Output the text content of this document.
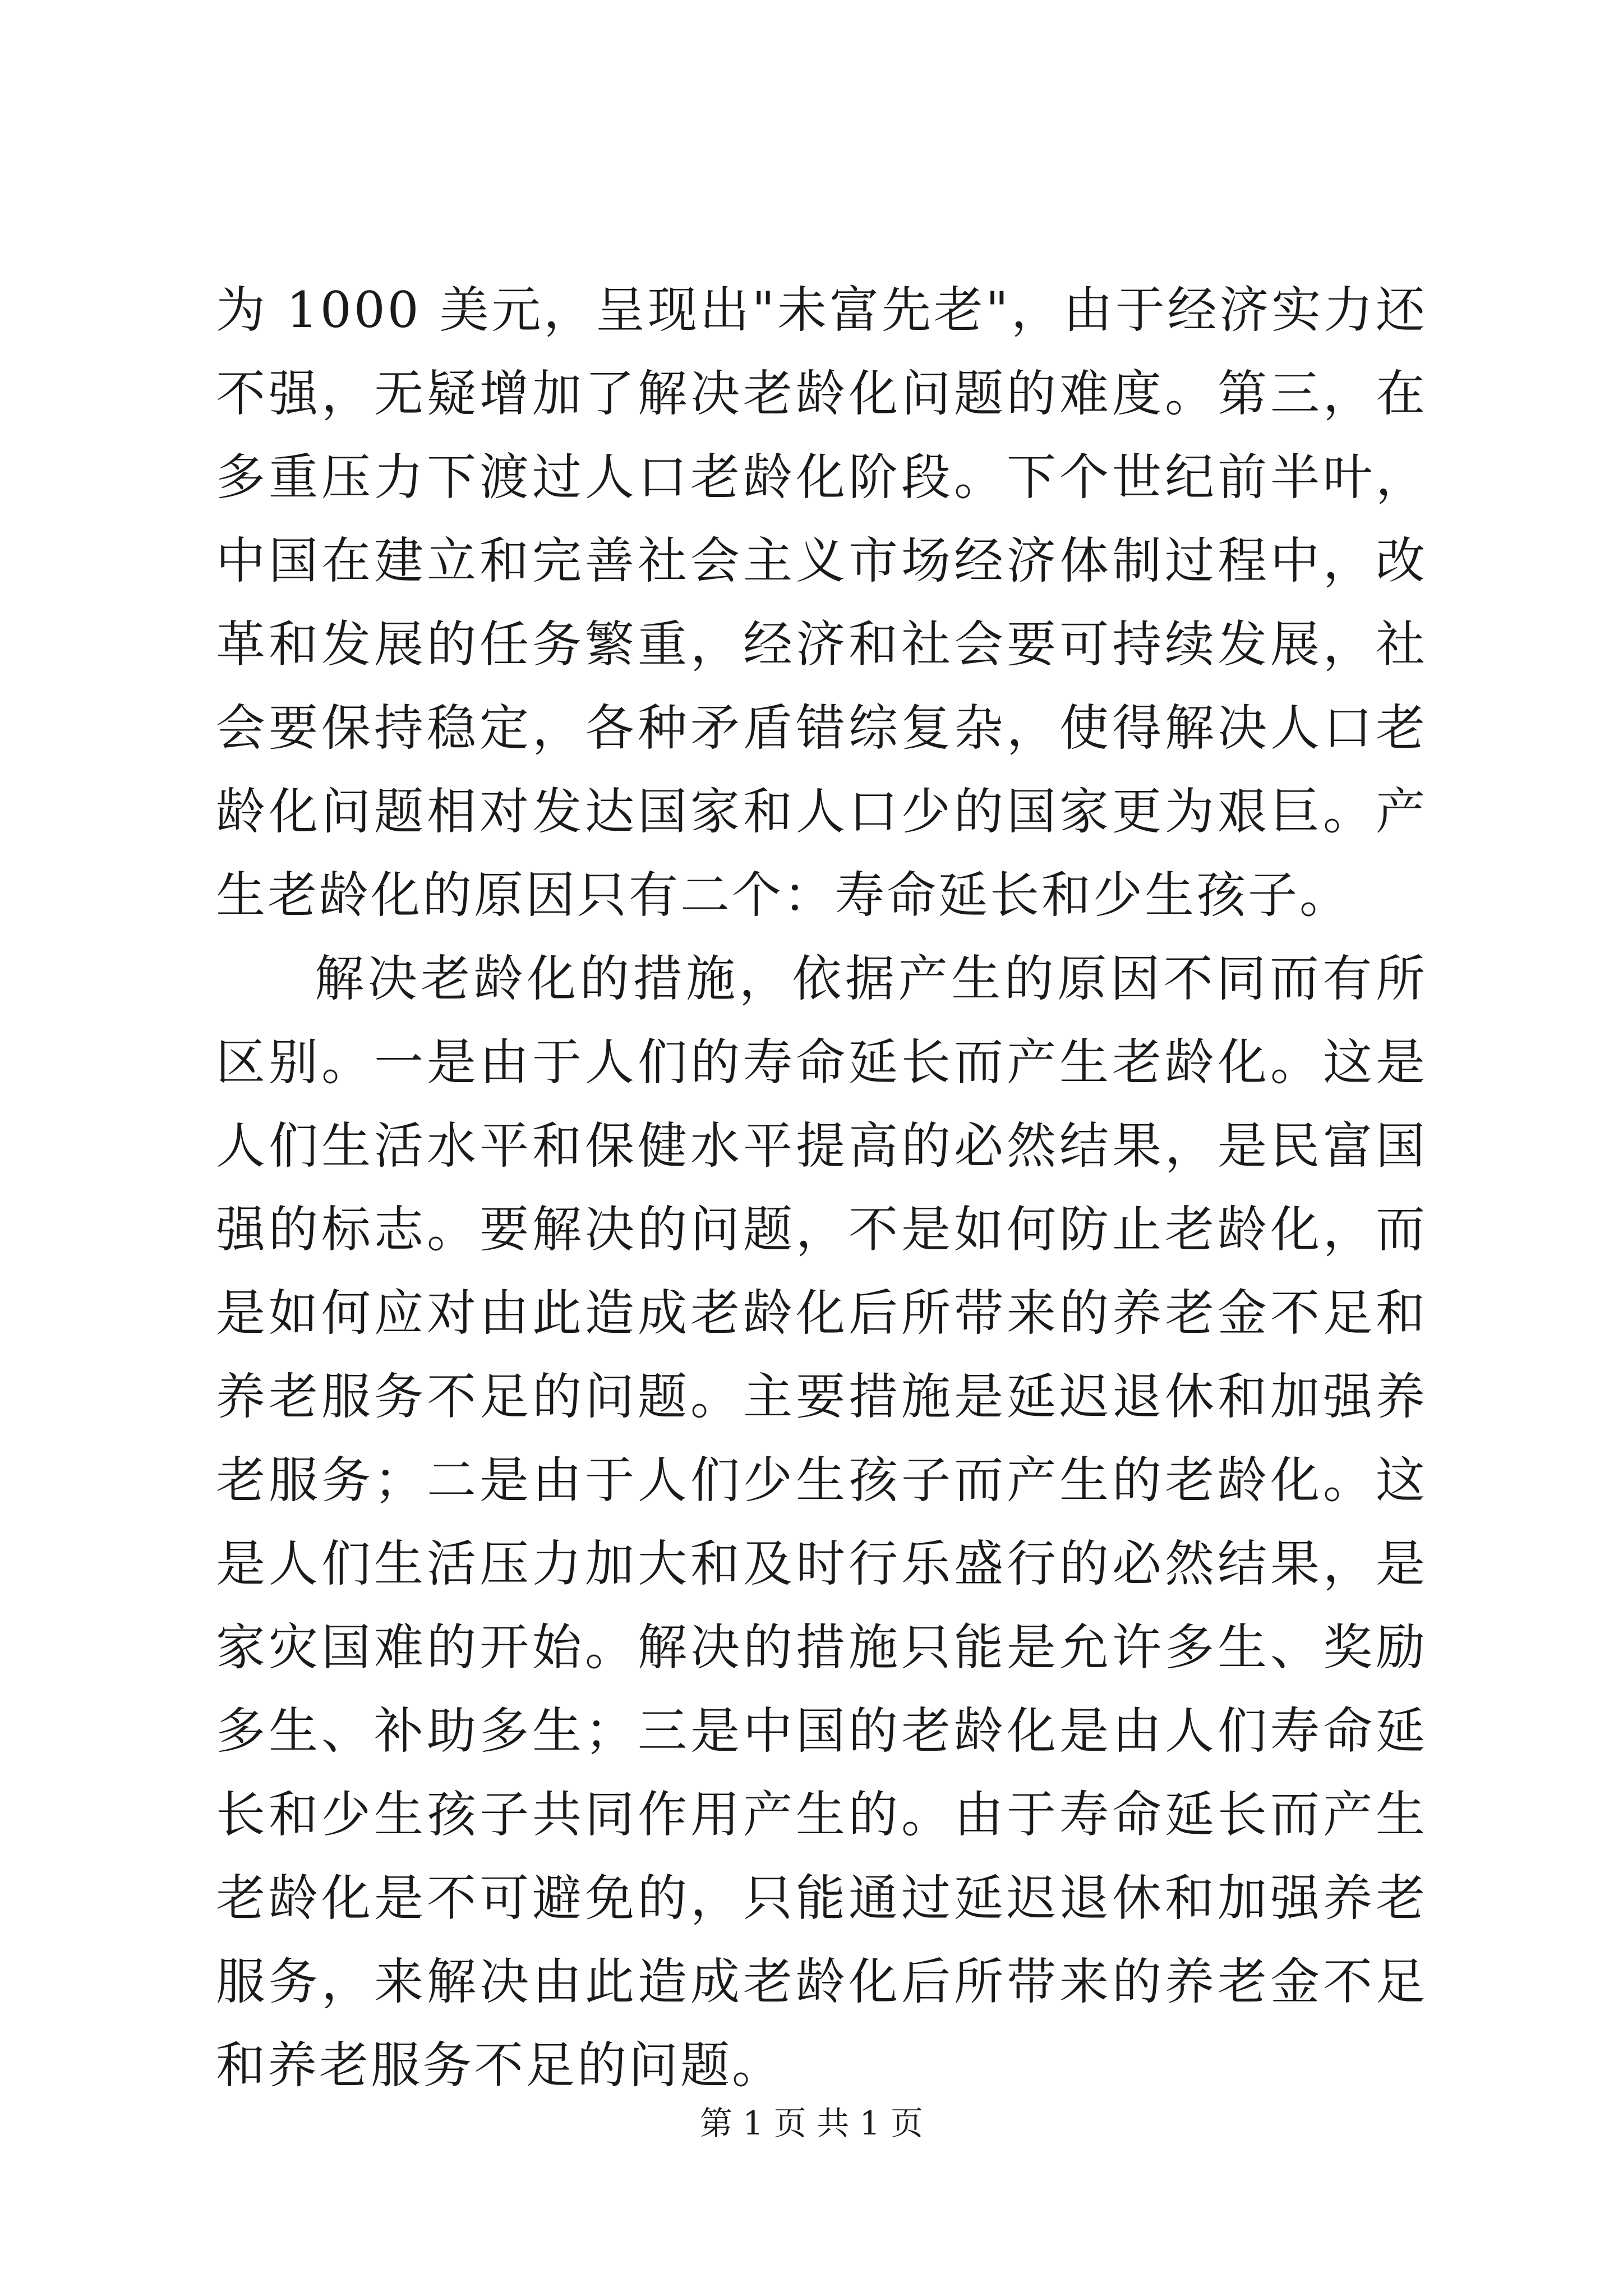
为 1000 美元，呈现出"未富先老"，由于经济实力还不强，无疑增加了解决老龄化问题的难度。第三，在多重压力下渡过人口老龄化阶段。下个世纪前半叶，中国在建立和完善社会主义市场经济体制过程中，改革和发展的任务繁重，经济和社会要可持续发展，社会要保持稳定，各种矛盾错综复杂，使得解决人口老龄化问题相对发达国家和人口少的国家更为艰巨。产生老龄化的原因只有二个：寿命延长和少生孩子。

解决老龄化的措施，依据产生的原因不同而有所区别。一是由于人们的寿命延长而产生老龄化。这是人们生活水平和保健水平提高的必然结果，是民富国强的标志。要解决的问题，不是如何防止老龄化，而是如何应对由此造成老龄化后所带来的养老金不足和养老服务不足的问题。主要措施是延迟退休和加强养老服务；二是由于人们少生孩子而产生的老龄化。这是人们生活压力加大和及时行乐盛行的必然结果，是家灾国难的开始。解决的措施只能是允许多生、奖励多生、补助多生；三是中国的老龄化是由人们寿命延长和少生孩子共同作用产生的。由于寿命延长而产生老龄化是不可避免的，只能通过延迟退休和加强养老服务，来解决由此造成老龄化后所带来的养老金不足和养老服务不足的问题。

第 1 页 共 1 页
